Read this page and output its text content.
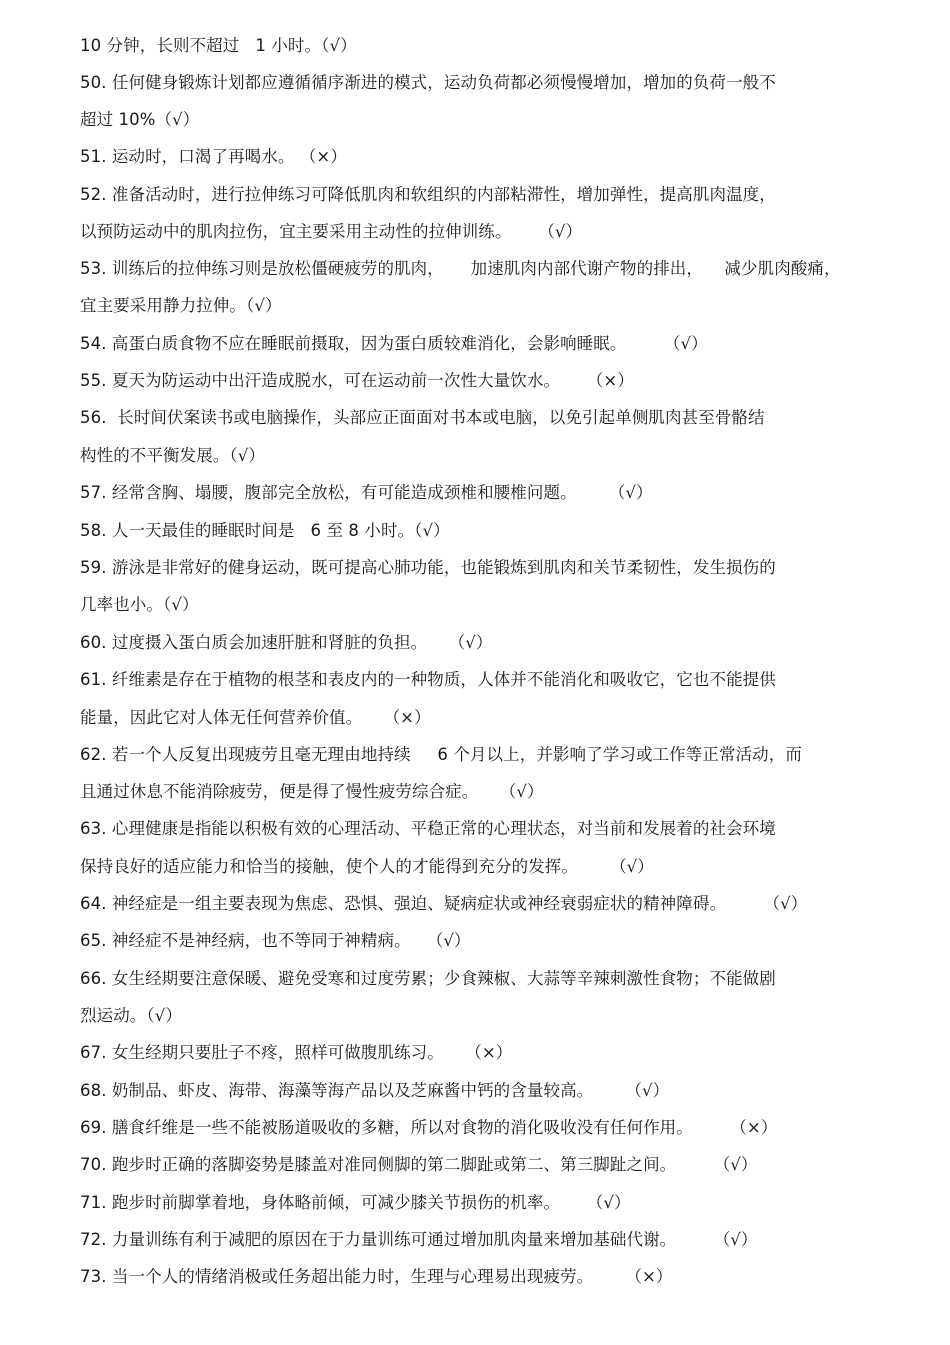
10 分钟，长则不超过   1 小时。（√）
50. 任何健身锻炼计划都应遵循循序渐进的模式，运动负荷都必须慢慢增加，增加的负荷一般不
超过 10%（√）
51. 运动时，口渴了再喝水。 （×）
52. 准备活动时，进行拉伸练习可降低肌肉和软组织的内部粘滞性，增加弹性，提高肌肉温度，
以预防运动中的肌肉拉伤，宜主要采用主动性的拉伸训练。     （√）
53. 训练后的拉伸练习则是放松僵硬疲劳的肌肉，     加速肌肉内部代谢产物的排出，    减少肌肉酸痛，
宜主要采用静力拉伸。（√）
54. 高蛋白质食物不应在睡眠前摄取，因为蛋白质较难消化，会影响睡眠。       （√）
55. 夏天为防运动中出汗造成脱水，可在运动前一次性大量饮水。     （×）
56.  长时间伏案读书或电脑操作，头部应正面面对书本或电脑，以免引起单侧肌肉甚至骨骼结
构性的不平衡发展。（√）
57. 经常含胸、塌腰，腹部完全放松，有可能造成颈椎和腰椎问题。      （√）
58. 人一天最佳的睡眠时间是   6 至 8 小时。（√）
59. 游泳是非常好的健身运动，既可提高心肺功能，也能锻炼到肌肉和关节柔韧性，发生损伤的
几率也小。（√）
60. 过度摄入蛋白质会加速肝脏和肾脏的负担。    （√）
61. 纤维素是存在于植物的根茎和表皮内的一种物质，人体并不能消化和吸收它，它也不能提供
能量，因此它对人体无任何营养价值。    （×）
62. 若一个人反复出现疲劳且毫无理由地持续     6 个月以上，并影响了学习或工作等正常活动，而
且通过休息不能消除疲劳，便是得了慢性疲劳综合症。    （√）
63. 心理健康是指能以积极有效的心理活动、平稳正常的心理状态，对当前和发展着的社会环境
保持良好的适应能力和恰当的接触，使个人的才能得到充分的发挥。      （√）
64. 神经症是一组主要表现为焦虑、恐惧、强迫、疑病症状或神经衰弱症状的精神障碍。       （√）
65. 神经症不是神经病，也不等同于神精病。   （√）
66. 女生经期要注意保暖、避免受寒和过度劳累；少食辣椒、大蒜等辛辣刺激性食物；不能做剧
烈运动。（√）
67. 女生经期只要肚子不疼，照样可做腹肌练习。    （×）
68. 奶制品、虾皮、海带、海藻等海产品以及芝麻酱中钙的含量较高。      （√）
69. 膳食纤维是一些不能被肠道吸收的多糖，所以对食物的消化吸收没有任何作用。       （×）
70. 跑步时正确的落脚姿势是膝盖对准同侧脚的第二脚趾或第二、第三脚趾之间。       （√）
71. 跑步时前脚掌着地，身体略前倾，可减少膝关节损伤的机率。     （√）
72. 力量训练有利于减肥的原因在于力量训练可通过增加肌肉量来增加基础代谢。       （√）
73. 当一个人的情绪消极或任务超出能力时，生理与心理易出现疲劳。      （×）
